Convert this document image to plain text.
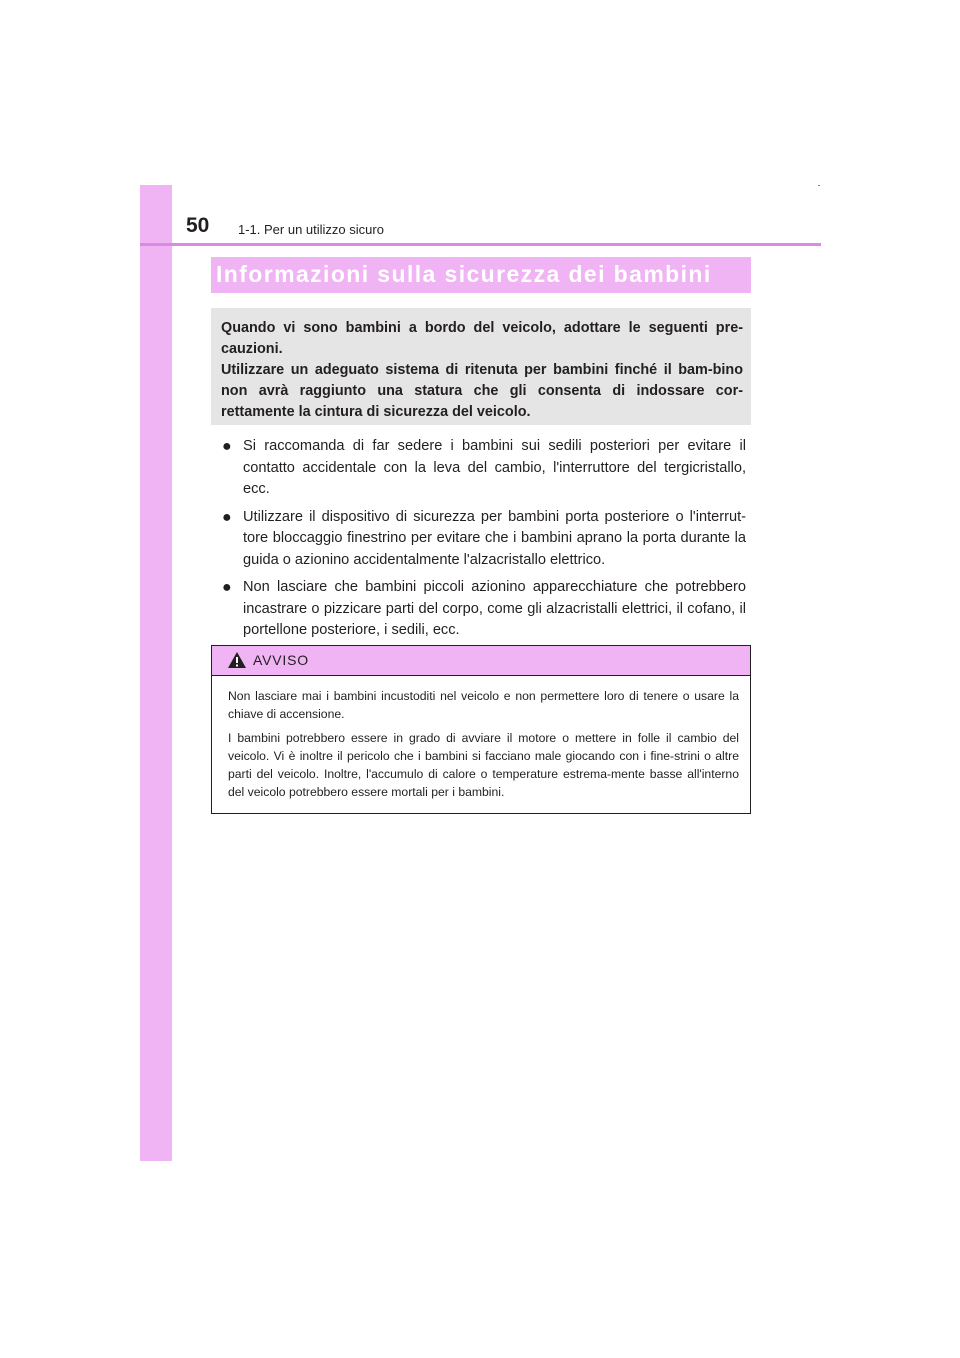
50 1-1. Per un utilizzo sicuro
Informazioni sulla sicurezza dei bambini

Quando vi sono bambini a bordo del veicolo, adottare le seguenti pre-cauzioni.

Utilizzare un adeguato sistema di ritenuta per bambini finché il bam-bino non avrà raggiunto una statura che gli consenta di indossare cor-rettamente la cintura di sicurezza del veicolo.

● Si raccomanda di far sedere i bambini sui sedili posteriori per evitare il contatto accidentale con la leva del cambio, l'interruttore del tergicristallo, ecc.
● Utilizzare il dispositivo di sicurezza per bambini porta posteriore o l'interrut-tore bloccaggio finestrino per evitare che i bambini aprano la porta durante la guida o azionino accidentalmente l'alzacristallo elettrico.
● Non lasciare che bambini piccoli azionino apparecchiature che potrebbero incastrare o pizzicare parti del corpo, come gli alzacristalli elettrici, il cofano, il portellone posteriore, i sedili, ecc.
AVVISO

Non lasciare mai i bambini incustoditi nel veicolo e non permettere loro di tenere o usare la chiave di accensione.

I bambini potrebbero essere in grado di avviare il motore o mettere in folle il cambio del veicolo. Vi è inoltre il pericolo che i bambini si facciano male giocando con i fine-strini o altre parti del veicolo. Inoltre, l'accumulo di calore o temperature estrema-mente basse all'interno del veicolo potrebbero essere mortali per i bambini.
